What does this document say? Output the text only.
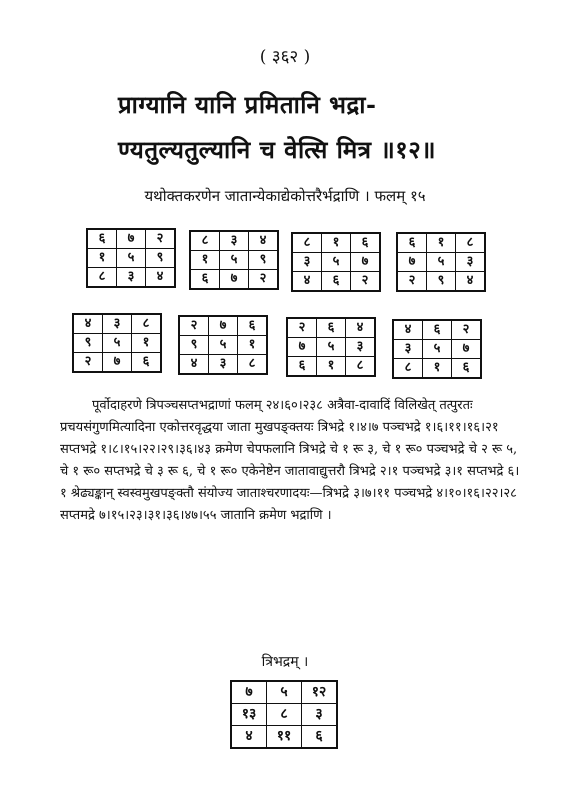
( ३६२ )
प्राग्यानि यानि प्रमितानि भद्रा-
ण्यतुल्यतुल्यानि च वेत्सि मित्र ॥१२॥
यथोक्तकरणेन जातान्येकाद्येकोत्तरैर्भद्राणि । फलम् १५
६	७	२
१	५	९
८	३	४
८	३	४
१	५	९
६	७	२
८	१	६
३	५	७
४	६	२
६	१	८
७	५	३
२	९	४
४	३	८
९	५	१
२	७	६
२	७	६
९	५	१
४	३	८
२	६	४
७	५	३
६	१	८
४	६	२
३	५	७
८	१	६
पूर्वोदाहरणे त्रिपञ्चसप्तभद्राणां फलम् २४।६०।२३८ अत्रैवा-दावादिं विलिखेत् तत्पुरतः प्रचयसंगुणमित्यादिना एकोत्तरवृद्धया जाता मुखपङ्क्तयः त्रिभद्रे १।४।७ पञ्चभद्रे १।६।११।१६।२१ सप्तभद्रे १।८।१५।२२।२९।३६।४३ क्रमेण चेपफलानि त्रिभद्रे चे १ रू ३, चे १ रू० पञ्चभद्रे चे २ रू ५, चे १ रू० सप्तभद्रे चे ३ रू ६, चे १ रू० एकेनेष्टेन जातावाद्युत्तरौ त्रिभद्रे २।१ पञ्चभद्रे ३।१ सप्तभद्रे ६।१ श्रेढ्यङ्कान् स्वस्वमुखपङ्क्तौ संयोज्य जाताश्चरणादयः—त्रिभद्रे ३।७।११ पञ्चभद्रे ४।१०।१६।२२।२८ सप्तमद्रे ७।१५।२३।३१।३६।४७।५५ जातानि क्रमेण भद्राणि ।
त्रिभद्रम् ।
७	५	१२
१३	८	३
४	११	६
